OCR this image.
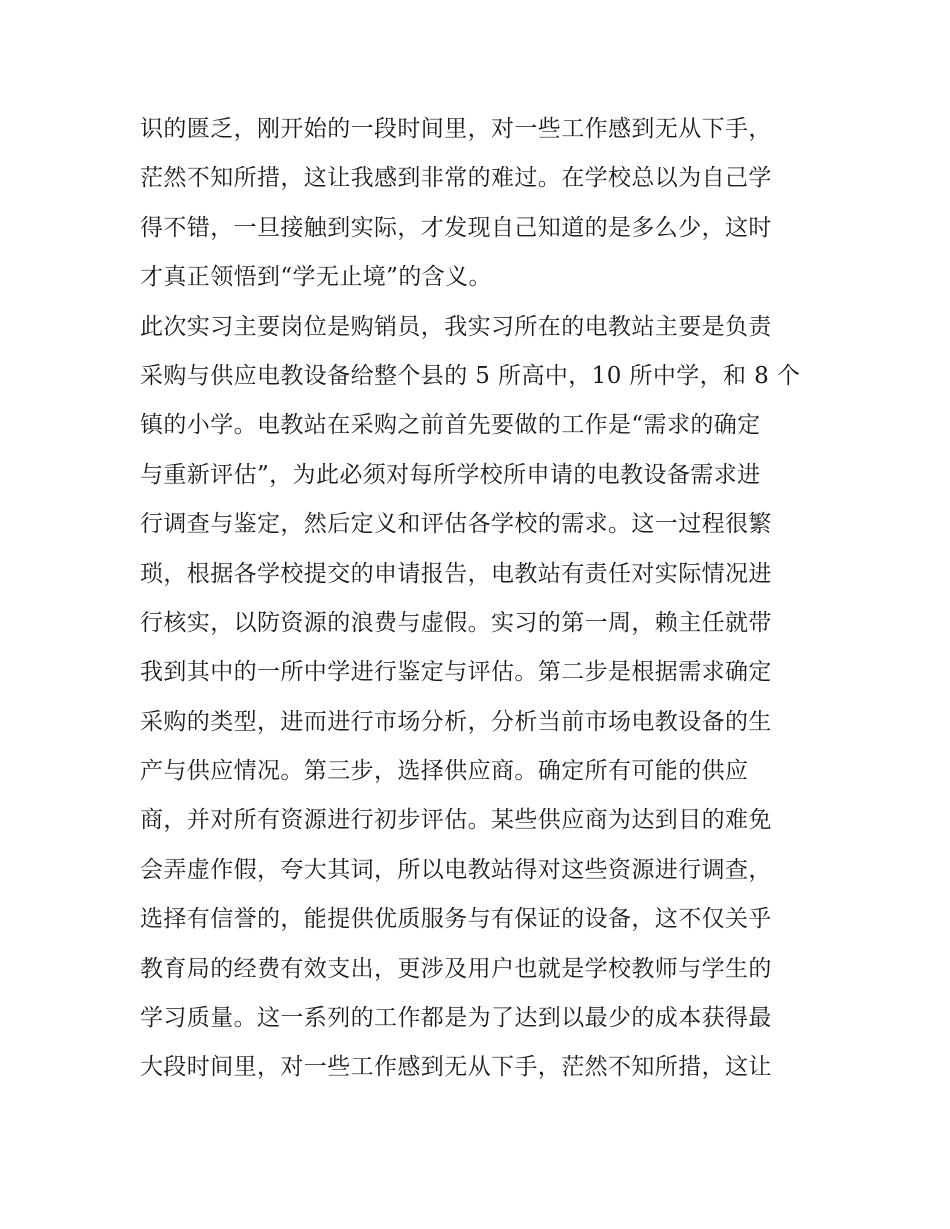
识的匮乏，刚开始的一段时间里，对一些工作感到无从下手，
茫然不知所措，这让我感到非常的难过。在学校总以为自己学
得不错，一旦接触到实际，才发现自己知道的是多么少，这时
才真正领悟到“学无止境”的含义。
此次实习主要岗位是购销员，我实习所在的电教站主要是负责
采购与供应电教设备给整个县的 5 所高中，10 所中学，和 8 个
镇的小学。电教站在采购之前首先要做的工作是“需求的确定
与重新评估”，为此必须对每所学校所申请的电教设备需求进
行调查与鉴定，然后定义和评估各学校的需求。这一过程很繁
琐，根据各学校提交的申请报告，电教站有责任对实际情况进
行核实，以防资源的浪费与虚假。实习的第一周，赖主任就带
我到其中的一所中学进行鉴定与评估。第二步是根据需求确定
采购的类型，进而进行市场分析，分析当前市场电教设备的生
产与供应情况。第三步，选择供应商。确定所有可能的供应
商，并对所有资源进行初步评估。某些供应商为达到目的难免
会弄虚作假，夸大其词，所以电教站得对这些资源进行调查，
选择有信誉的，能提供优质服务与有保证的设备，这不仅关乎
教育局的经费有效支出，更涉及用户也就是学校教师与学生的
学习质量。这一系列的工作都是为了达到以最少的成本获得最
大段时间里，对一些工作感到无从下手，茫然不知所措，这让
